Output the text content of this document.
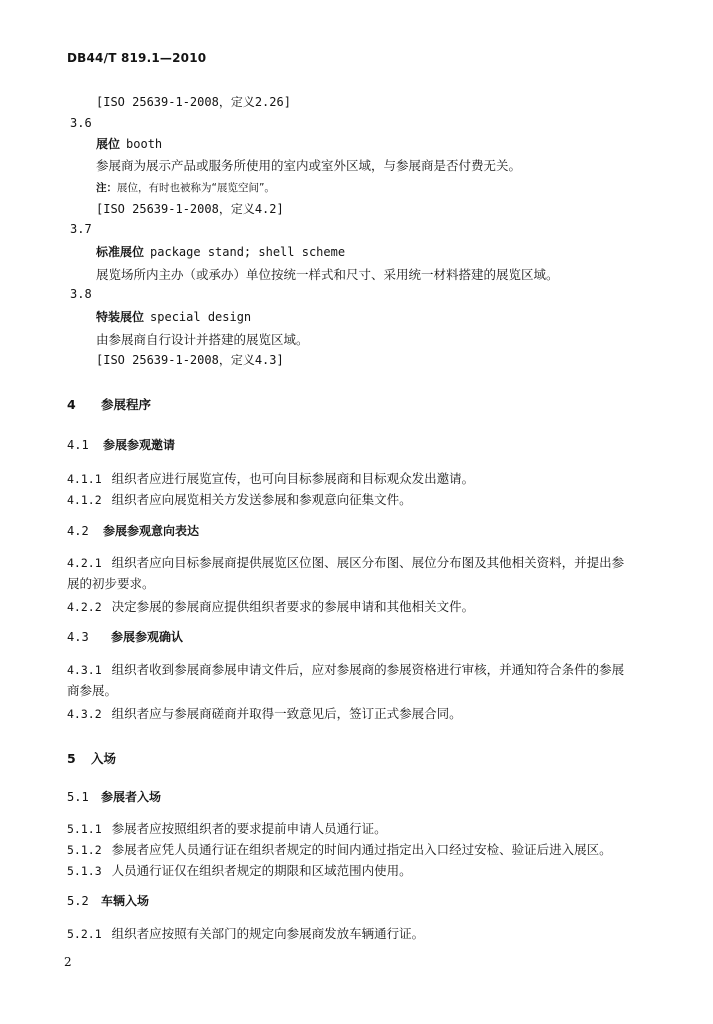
DB44/T 819.1—2010
[ISO 25639-1-2008，定义2.26]
3.6
展位 booth
参展商为展示产品或服务所使用的室内或室外区域，与参展商是否付费无关。
注：展位，有时也被称为“展览空间”。
[ISO 25639-1-2008，定义4.2]
3.7
标准展位 package stand; shell scheme
展览场所内主办（或承办）单位按统一样式和尺寸、采用统一材料搭建的展览区域。
3.8
特装展位 special design
由参展商自行设计并搭建的展览区域。
[ISO 25639-1-2008，定义4.3]
4 参展程序
4.1 参展参观邀请
4.1.1 组织者应进行展览宣传，也可向目标参展商和目标观众发出邀请。
4.1.2 组织者应向展览相关方发送参展和参观意向征集文件。
4.2 参展参观意向表达
4.2.1 组织者应向目标参展商提供展览区位图、展区分布图、展位分布图及其他相关资料，并提出参
展的初步要求。
4.2.2 决定参展的参展商应提供组织者要求的参展申请和其他相关文件。
4.3 参展参观确认
4.3.1 组织者收到参展商参展申请文件后，应对参展商的参展资格进行审核，并通知符合条件的参展
商参展。
4.3.2 组织者应与参展商磋商并取得一致意见后，签订正式参展合同。
5 入场
5.1 参展者入场
5.1.1 参展者应按照组织者的要求提前申请人员通行证。
5.1.2 参展者应凭人员通行证在组织者规定的时间内通过指定出入口经过安检、验证后进入展区。
5.1.3 人员通行证仅在组织者规定的期限和区域范围内使用。
5.2 车辆入场
5.2.1 组织者应按照有关部门的规定向参展商发放车辆通行证。
2
